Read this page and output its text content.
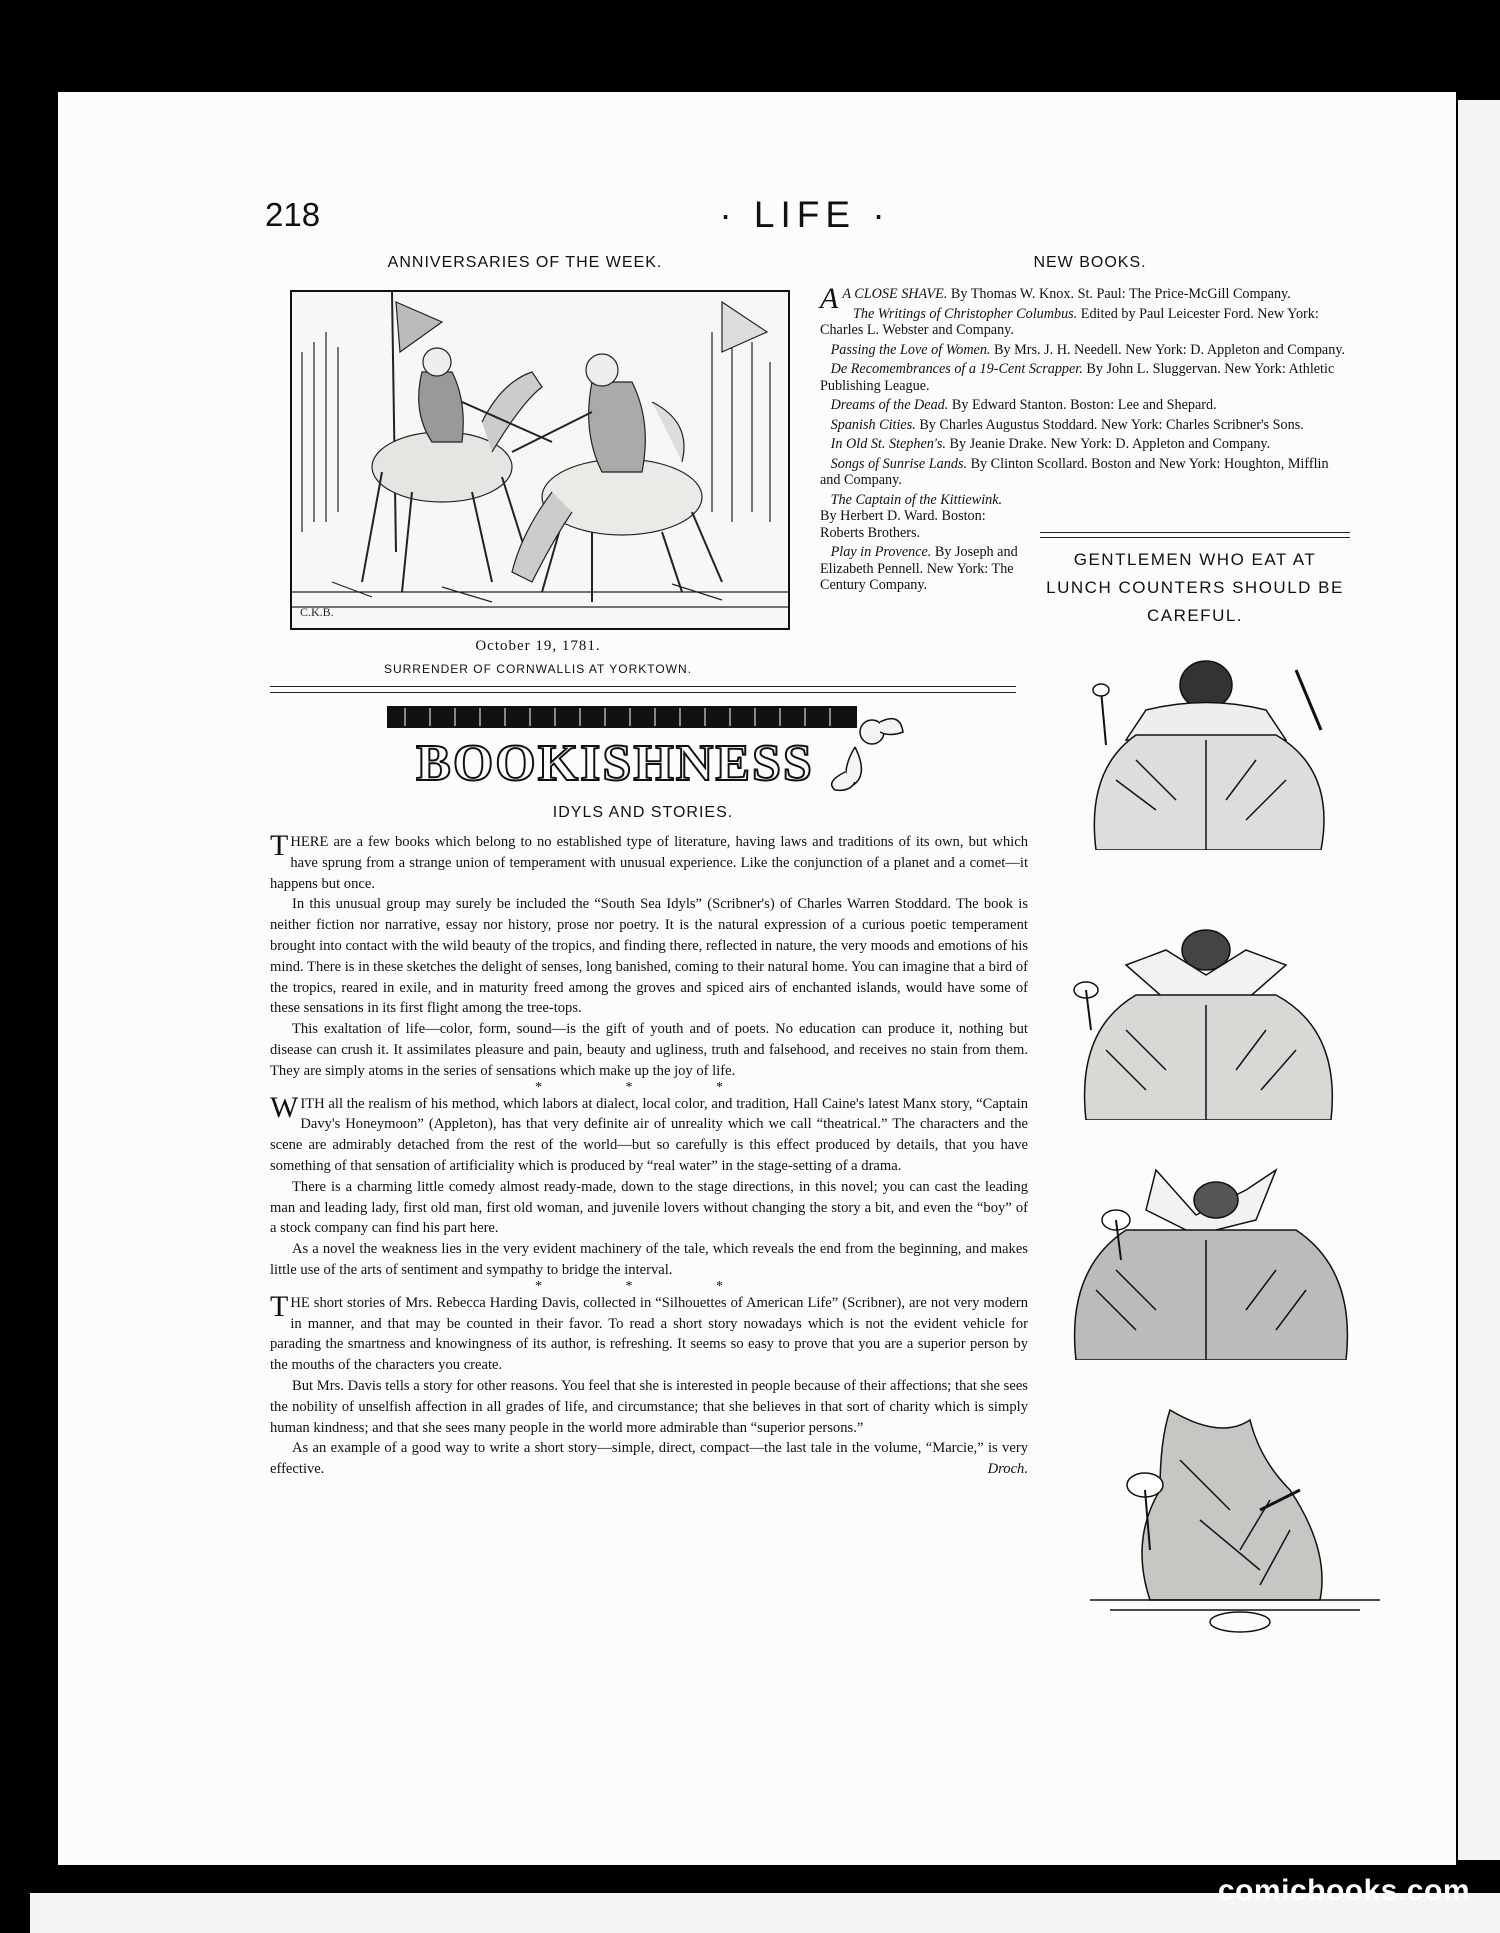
218	· LIFE ·
ANNIVERSARIES OF THE WEEK.	NEW BOOKS.
C.K.B.
October 19, 1781.
SURRENDER OF CORNWALLIS AT YORKTOWN.

A A CLOSE SHAVE. By Thomas W. Knox. St. Paul: The Price-McGill Company.

The Writings of Christopher Columbus. Edited by Paul Leicester Ford. New York: Charles L. Webster and Company.

Passing the Love of Women. By Mrs. J. H. Needell. New York: D. Appleton and Company.

De Recomembrances of a 19-Cent Scrapper. By John L. Sluggervan. New York: Athletic Publishing League.

Dreams of the Dead. By Edward Stanton. Boston: Lee and Shepard.

Spanish Cities. By Charles Augustus Stoddard. New York: Charles Scribner's Sons.

In Old St. Stephen's. By Jeanie Drake. New York: D. Appleton and Company.

Songs of Sunrise Lands. By Clinton Scollard. Boston and New York: Houghton, Mifflin and Company.

The Captain of the Kittiewink. By Herbert D. Ward. Boston: Roberts Brothers.

Play in Provence. By Joseph and Elizabeth Pennell. New York: The Century Company.

GENTLEMEN WHO EAT AT LUNCH COUNTERS SHOULD BE CAREFUL.
BOOKISHNESS
IDYLS AND STORIES.

THERE are a few books which belong to no established type of literature, having laws and traditions of its own, but which have sprung from a strange union of temperament with unusual experience. Like the conjunction of a planet and a comet—it happens but once.

In this unusual group may surely be included the “South Sea Idyls” (Scribner's) of Charles Warren Stoddard. The book is neither fiction nor narrative, essay nor history, prose nor poetry. It is the natural expression of a curious poetic temperament brought into contact with the wild beauty of the tropics, and finding there, reflected in nature, the very moods and emotions of his mind. There is in these sketches the delight of senses, long banished, coming to their natural home. You can imagine that a bird of the tropics, reared in exile, and in maturity freed among the groves and spiced airs of enchanted islands, would have some of these sensations in its first flight among the tree-tops.

This exaltation of life—color, form, sound—is the gift of youth and of poets. No education can produce it, nothing but disease can crush it. It assimilates pleasure and pain, beauty and ugliness, truth and falsehood, and receives no stain from them. They are simply atoms in the series of sensations which make up the joy of life.

* * *

WITH all the realism of his method, which labors at dialect, local color, and tradition, Hall Caine's latest Manx story, “Captain Davy's Honeymoon” (Appleton), has that very definite air of unreality which we call “theatrical.” The characters and the scene are admirably detached from the rest of the world—but so carefully is this effect produced by details, that you have something of that sensation of artificiality which is produced by “real water” in the stage-setting of a drama.

There is a charming little comedy almost ready-made, down to the stage directions, in this novel; you can cast the leading man and leading lady, first old man, first old woman, and juvenile lovers without changing the story a bit, and even the “boy” of a stock company can find his part here.

As a novel the weakness lies in the very evident machinery of the tale, which reveals the end from the beginning, and makes little use of the arts of sentiment and sympathy to bridge the interval.

* * *

THE short stories of Mrs. Rebecca Harding Davis, collected in “Silhouettes of American Life” (Scribner), are not very modern in manner, and that may be counted in their favor. To read a short story nowadays which is not the evident vehicle for parading the smartness and knowingness of its author, is refreshing. It seems so easy to prove that you are a superior person by the mouths of the characters you create.

But Mrs. Davis tells a story for other reasons. You feel that she is interested in people because of their affections; that she sees the nobility of unselfish affection in all grades of life, and circumstance; that she believes in that sort of charity which is simply human kindness; and that she sees many people in the world more admirable than “superior persons.”

As an example of a good way to write a short story—simple, direct, compact—the last tale in the volume, “Marcie,” is very effective.	Droch.

comicbooks.com
